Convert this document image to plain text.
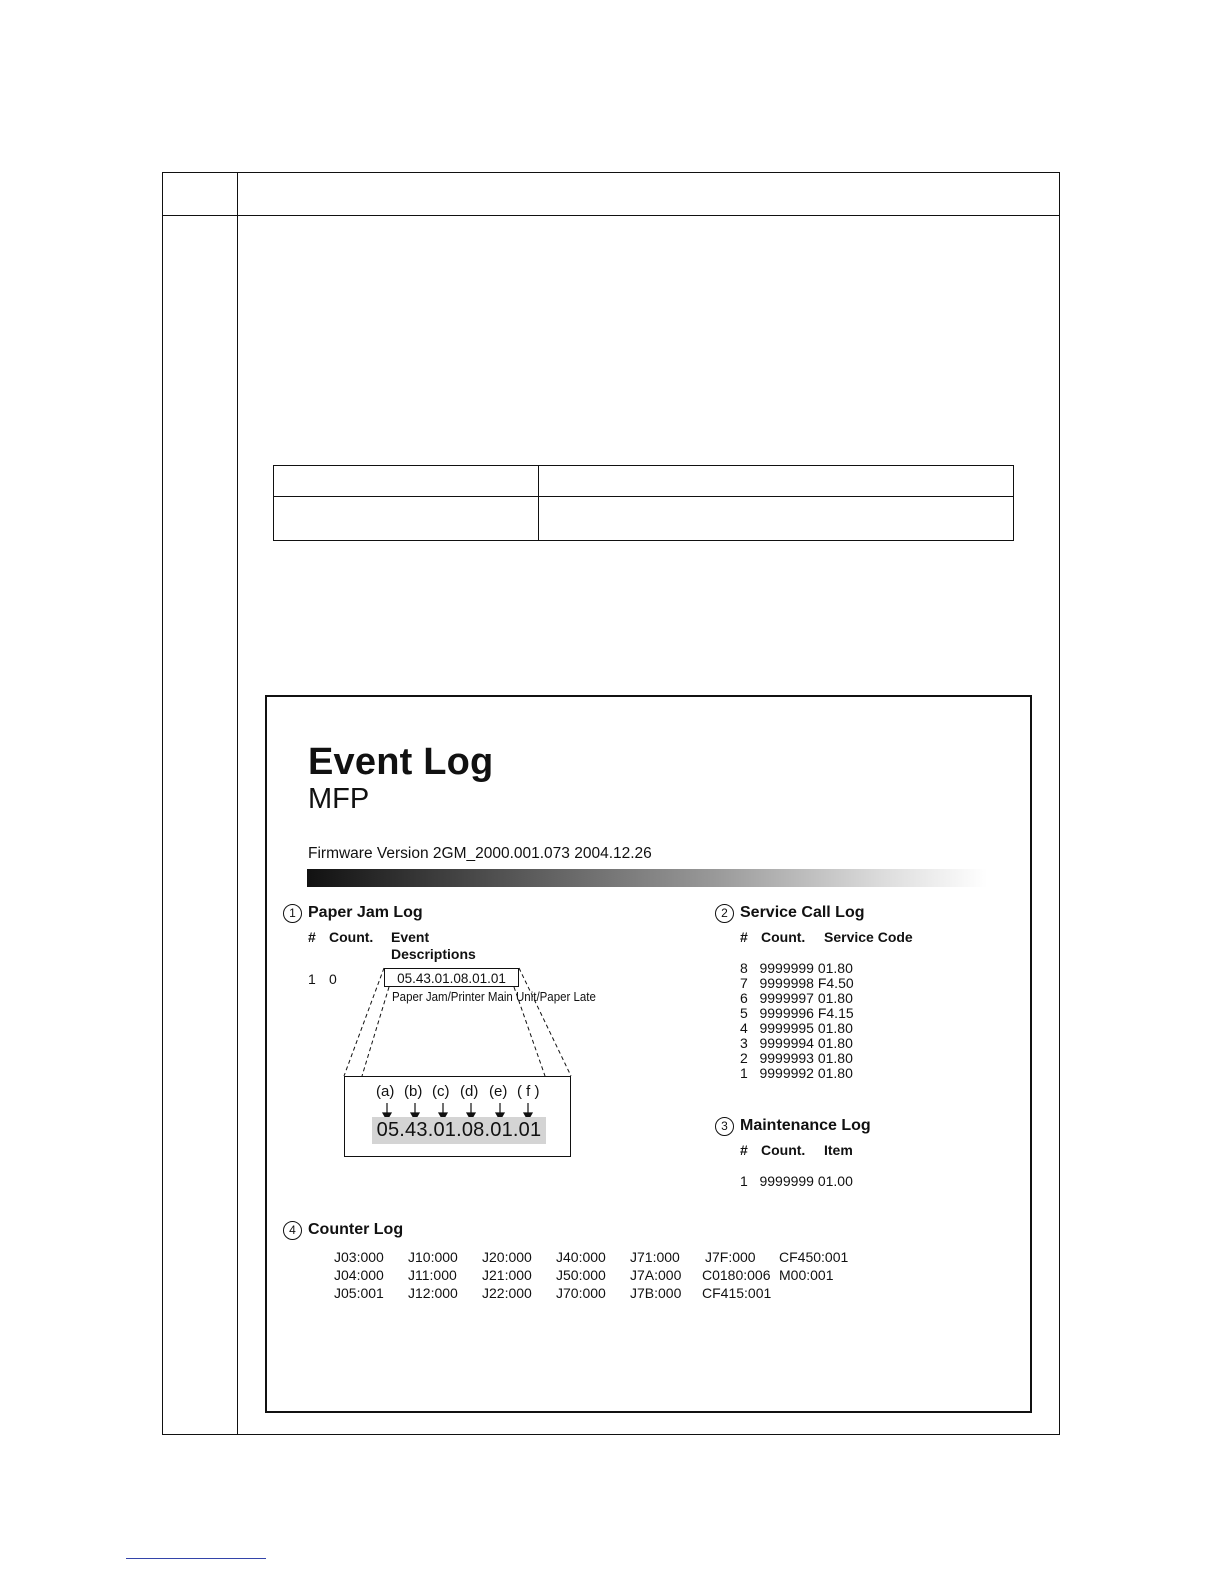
Event Log
MFP
Firmware Version 2GM_2000.001.073 2004.12.26
1 Paper Jam Log
# Count. Event
Descriptions
1 0	05.43.01.08.01.01
Paper Jam/Printer Main Unit/Paper Late
(a) (b) (c) (d) (e) ( f )
05.43.01.08.01.01
2 Service Call Log
# Count. Service Code
8   9999999 01.80
7   9999998 F4.50
6   9999997 01.80
5   9999996 F4.15
4   9999995 01.80
3   9999994 01.80
2   9999993 01.80
1   9999992 01.80
3 Maintenance Log
# Count. Item
1   9999999 01.00
4 Counter Log
J03:000 J10:000 J20:000 J40:000 J71:000 J7F:000 CF450:001
J04:000 J11:000 J21:000 J50:000 J7A:000 C0180:006 M00:001
J05:001 J12:000 J22:000 J70:000 J7B:000 CF415:001
